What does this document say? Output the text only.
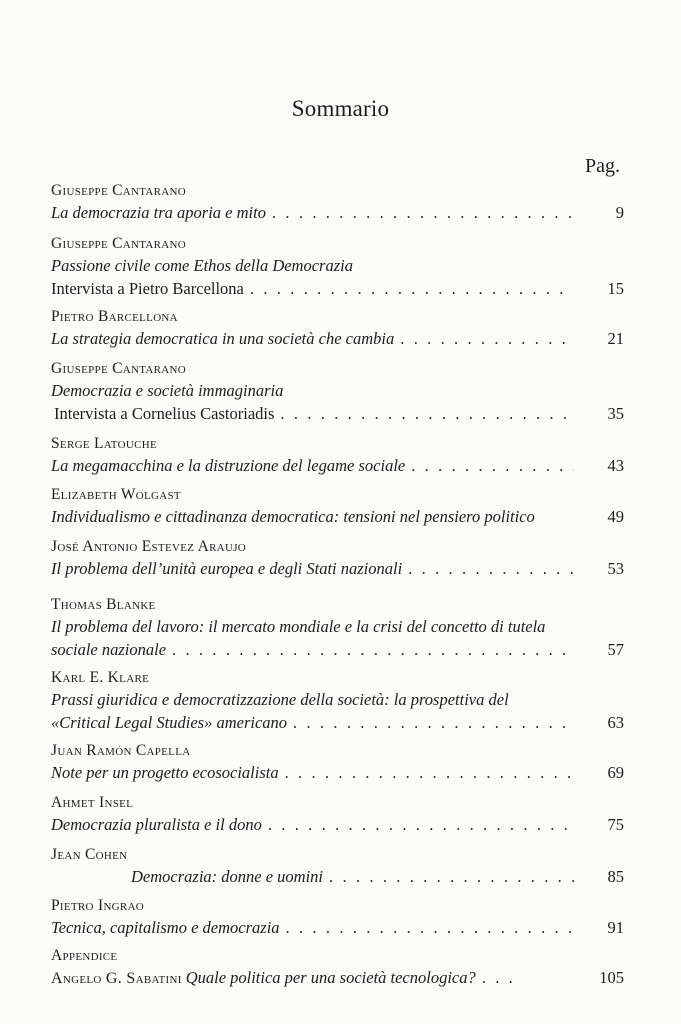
Sommario
Pag.
Giuseppe Cantarano
La democrazia tra aporia e mito . . .	9
Giuseppe Cantarano
Passione civile come Ethos della Democrazia
Intervista a Pietro Barcellona . . .	15
Pietro Barcellona
La strategia democratica in una società che cambia . . .	21
Giuseppe Cantarano
Democrazia e società immaginaria
Intervista a Cornelius Castoriadis . . .	35
Serge Latouche
La megamacchina e la distruzione del legame sociale . . .	43
Elizabeth Wolgast
Individualismo e cittadinanza democratica: tensioni nel pensiero politico	49
José Antonio Estevez Araujo
Il problema dell’unità europea e degli Stati nazionali . . .	53
Thomas Blanke
Il problema del lavoro: il mercato mondiale e la crisi del concetto di tutela
sociale nazionale . . .	57
Karl E. Klare
Prassi giuridica e democratizzazione della società: la prospettiva del
«Critical Legal Studies» americano . . .	63
Juan Ramón Capella
Note per un progetto ecosocialista . . .	69
Ahmet Insel
Democrazia pluralista e il dono . . .	75
Jean Cohen
Democrazia: donne e uomini . . .	85
Pietro Ingrao
Tecnica, capitalismo e democrazia . . .	91
Appendice
Angelo G. Sabatini Quale politica per una società tecnologica? . . .	105
